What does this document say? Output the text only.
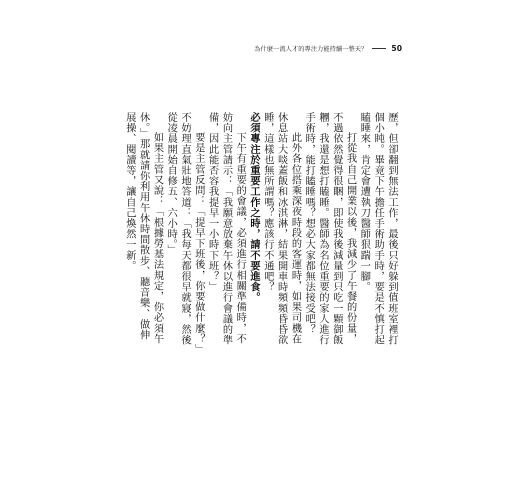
為什麼一流人才的專注力能持續一整天？	50

歷，但卻翻到無法工作，最後只好躲到值班室裡打個小盹。畢竟下午擔任手術助手時，要是不慎打起瞌睡來，肯定會遭執刀醫師狠踹一腳。

打從我自己開業以後，我減少了午餐的份量，不過依然覺得很睏，即使我後減量到只吃一顆御飯糰，我還是想打瞌睡。醫師為名位重要的家人進行手術時，能打瞌睡嗎？想必大家都無法接受吧？

此外各位搭乘深夜時段的客運時，如果司機在休息站大啖蓋飯和冰淇淋，結果開車時頻頻昏昏欲睡，這樣也無所謂嗎？應該行不通吧？

必須專注於重要工作之時，請不要進食。

下午有重要的會議，必須進行相關準備時，不妨向主管請示：「我願意放棄午休以進行會議的準備，因此能否容我提早一小時下班？」

要是主管反問：「提早下班後，你要做什麼？」不妨理直氣壯地答道：「我每天都很早就寢，然後從凌晨開始自修五、六小時。」

如果主管又說：「根據勞基法規定，你必須午休。」那就請你利用午休時間散步、聽音樂、做伸展操、閱讀等，讓自己煥然一新。
